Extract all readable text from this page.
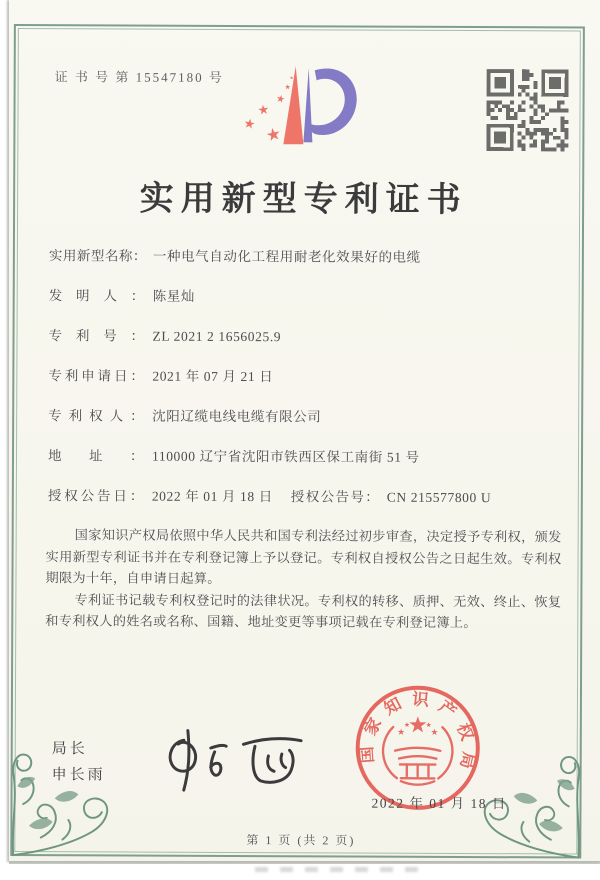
证 书 号 第 15547180 号
★
★
★
★
★
★
实用新型专利证书
实用新型名称： 一种电气自动化工程用耐老化效果好的电缆
发明人： 陈星灿
专利号： ZL 2021 2 1656025.9
专利申请日： 2021 年 07 月 21 日
专利权人： 沈阳辽缆电线电缆有限公司
地址： 110000 辽宁省沈阳市铁西区保工南街 51 号
授权公告日： 2022 年 01 月 18 日 授权公告号： CN 215577800 U

国家知识产权局依照中华人民共和国专利法经过初步审查，决定授予专利权，颁发实用新型专利证书并在专利登记簿上予以登记。专利权自授权公告之日起生效。专利权期限为十年，自申请日起算。

专利证书记载专利权登记时的法律状况。专利权的转移、质押、无效、终止、恢复和专利权人的姓名或名称、国籍、地址变更等事项记载在专利登记簿上。

局长
申长雨
国家知识产权局
★	★
★ ★
2022 年 01 月 18 日
第 1 页 (共 2 页)
